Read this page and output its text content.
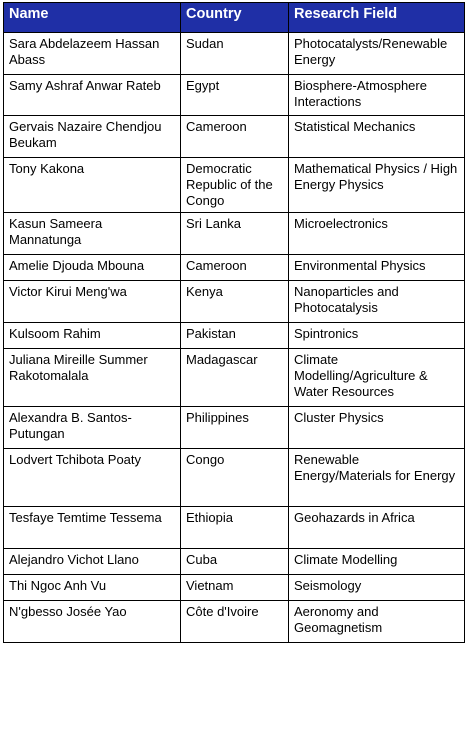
Name	Country	Research Field
Sara Abdelazeem Hassan Abass	Sudan	Photocatalysts/Renewable Energy
Samy Ashraf Anwar Rateb	Egypt	Biosphere-Atmosphere Interactions
Gervais Nazaire Chendjou Beukam	Cameroon	Statistical Mechanics
Tony Kakona	Democratic Republic of the Congo	Mathematical Physics / High Energy Physics
Kasun Sameera Mannatunga	Sri Lanka	Microelectronics
Amelie Djouda Mbouna	Cameroon	Environmental Physics
Victor Kirui Meng'wa	Kenya	Nanoparticles and Photocatalysis
Kulsoom Rahim	Pakistan	Spintronics
Juliana Mireille Summer Rakotomalala	Madagascar	Climate Modelling/Agriculture & Water Resources
Alexandra B. Santos-Putungan	Philippines	Cluster Physics
Lodvert Tchibota Poaty	Congo	Renewable Energy/Materials for Energy
Tesfaye Temtime Tessema	Ethiopia	Geohazards in Africa
Alejandro Vichot Llano	Cuba	Climate Modelling
Thi Ngoc Anh Vu	Vietnam	Seismology
N'gbesso Josée Yao	Côte d'Ivoire	Aeronomy and Geomagnetism
